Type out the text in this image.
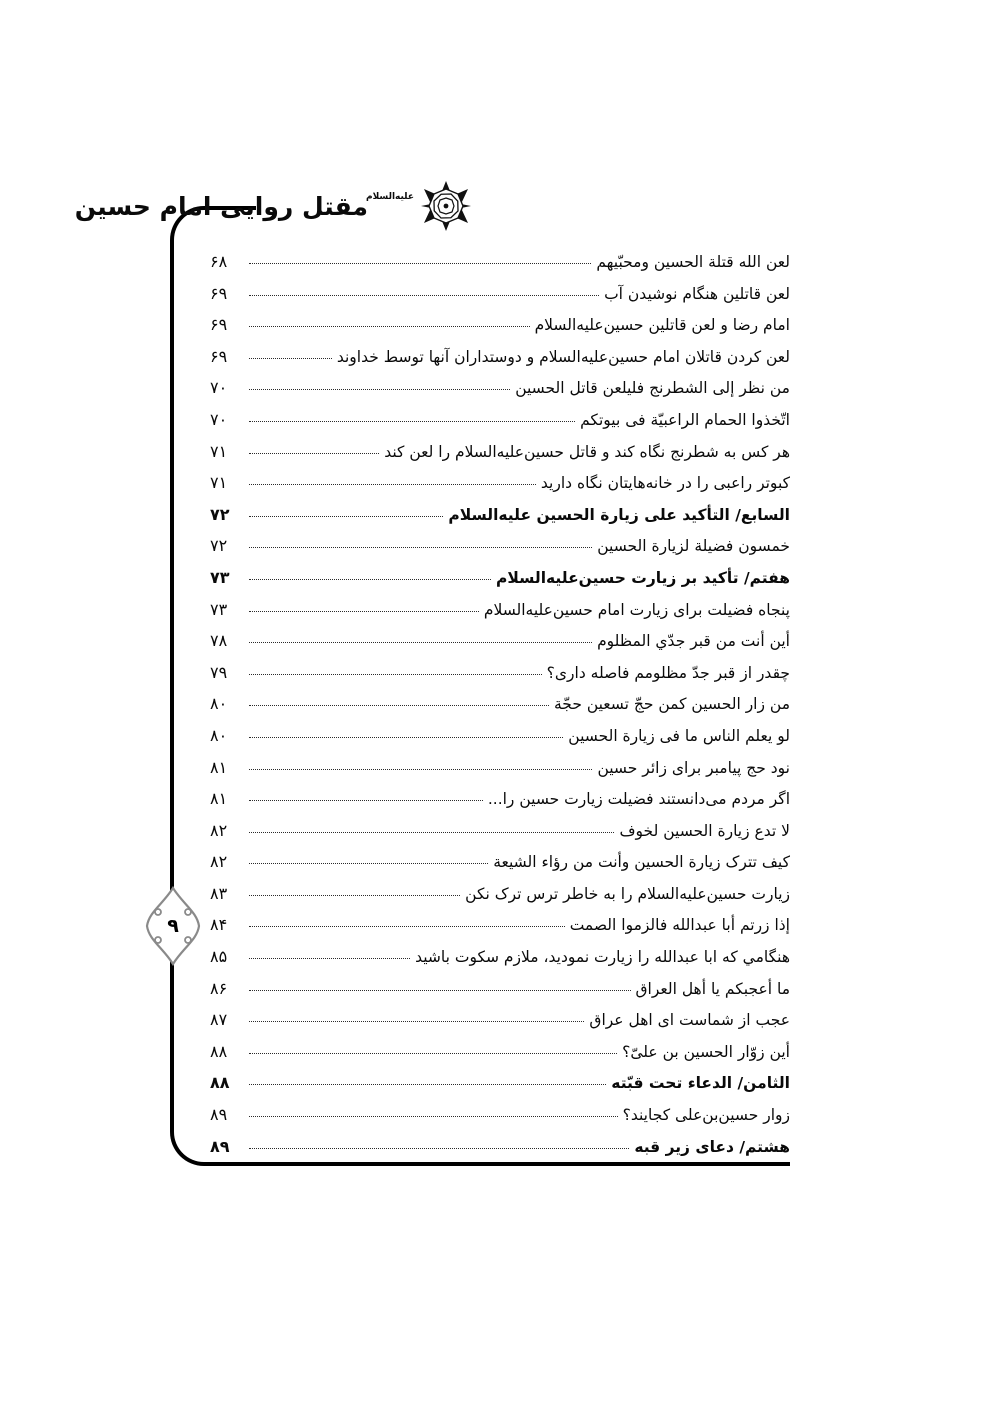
علیه‌السلام
مقتل روایی امام حسین
۹
لعن الله قتلة الحسین ومحبّیهم
۶۸
لعن قاتلین هنگام نوشیدن آب
۶۹
امام رضا و لعن قاتلین حسین‌علیه‌السلام
۶۹
لعن کردن قاتلان امام حسین‌علیه‌السلام و دوستداران آنها توسط خداوند
۶۹
من نظر إلی الشطرنج فلیلعن قاتل الحسین
۷۰
اتّخذوا الحمام الراعبیّة فی بیوتکم
۷۰
هر کس به شطرنج نگاه کند و قاتل حسین‌علیه‌السلام را لعن کند
۷۱
کبوتر راعبی را در خانه‌هایتان نگاه دارید
۷۱
السابع/ التأکید علی زیارة الحسین علیه‌السلام
۷۲
خمسون فضیلة لزیارة الحسین
۷۲
هفتم/ تأکید بر زیارت حسین‌علیه‌السلام
۷۳
پنجاه فضیلت برای زیارت امام حسین‌علیه‌السلام
۷۳
أین أنت من قبر جدّي المظلوم
۷۸
چقدر از قبر جدّ مظلومم فاصله داری؟
۷۹
من زار الحسین کمن حجّ تسعین حجّة
۸۰
لو یعلم الناس ما فی زیارة الحسین
۸۰
نود حج پیامبر برای زائر حسین
۸۱
اگر مردم می‌دانستند فضیلت زیارت حسین را...
۸۱
لا تدع زیارة الحسین لخوف
۸۲
کیف تترک زیارة الحسین وأنت من رؤاء الشیعة
۸۲
زیارت حسین‌علیه‌السلام را به خاطر ترس ترک نکن
۸۳
إذا زرتم أبا عبدالله فالزموا الصمت
۸۴
هنگامي که ابا عبدالله را زیارت نمودید، ملازم سکوت باشید
۸۵
ما أعجبکم یا أهل العراق
۸۶
عجب از شماست ای اهل عراق
۸۷
أین زوّار الحسین بن علیّ؟
۸۸
الثامن/ الدعاء تحت قبّته
۸۸
زوار حسین‌بن‌علی کجایند؟
۸۹
هشتم/ دعای زیر قبه
۸۹
